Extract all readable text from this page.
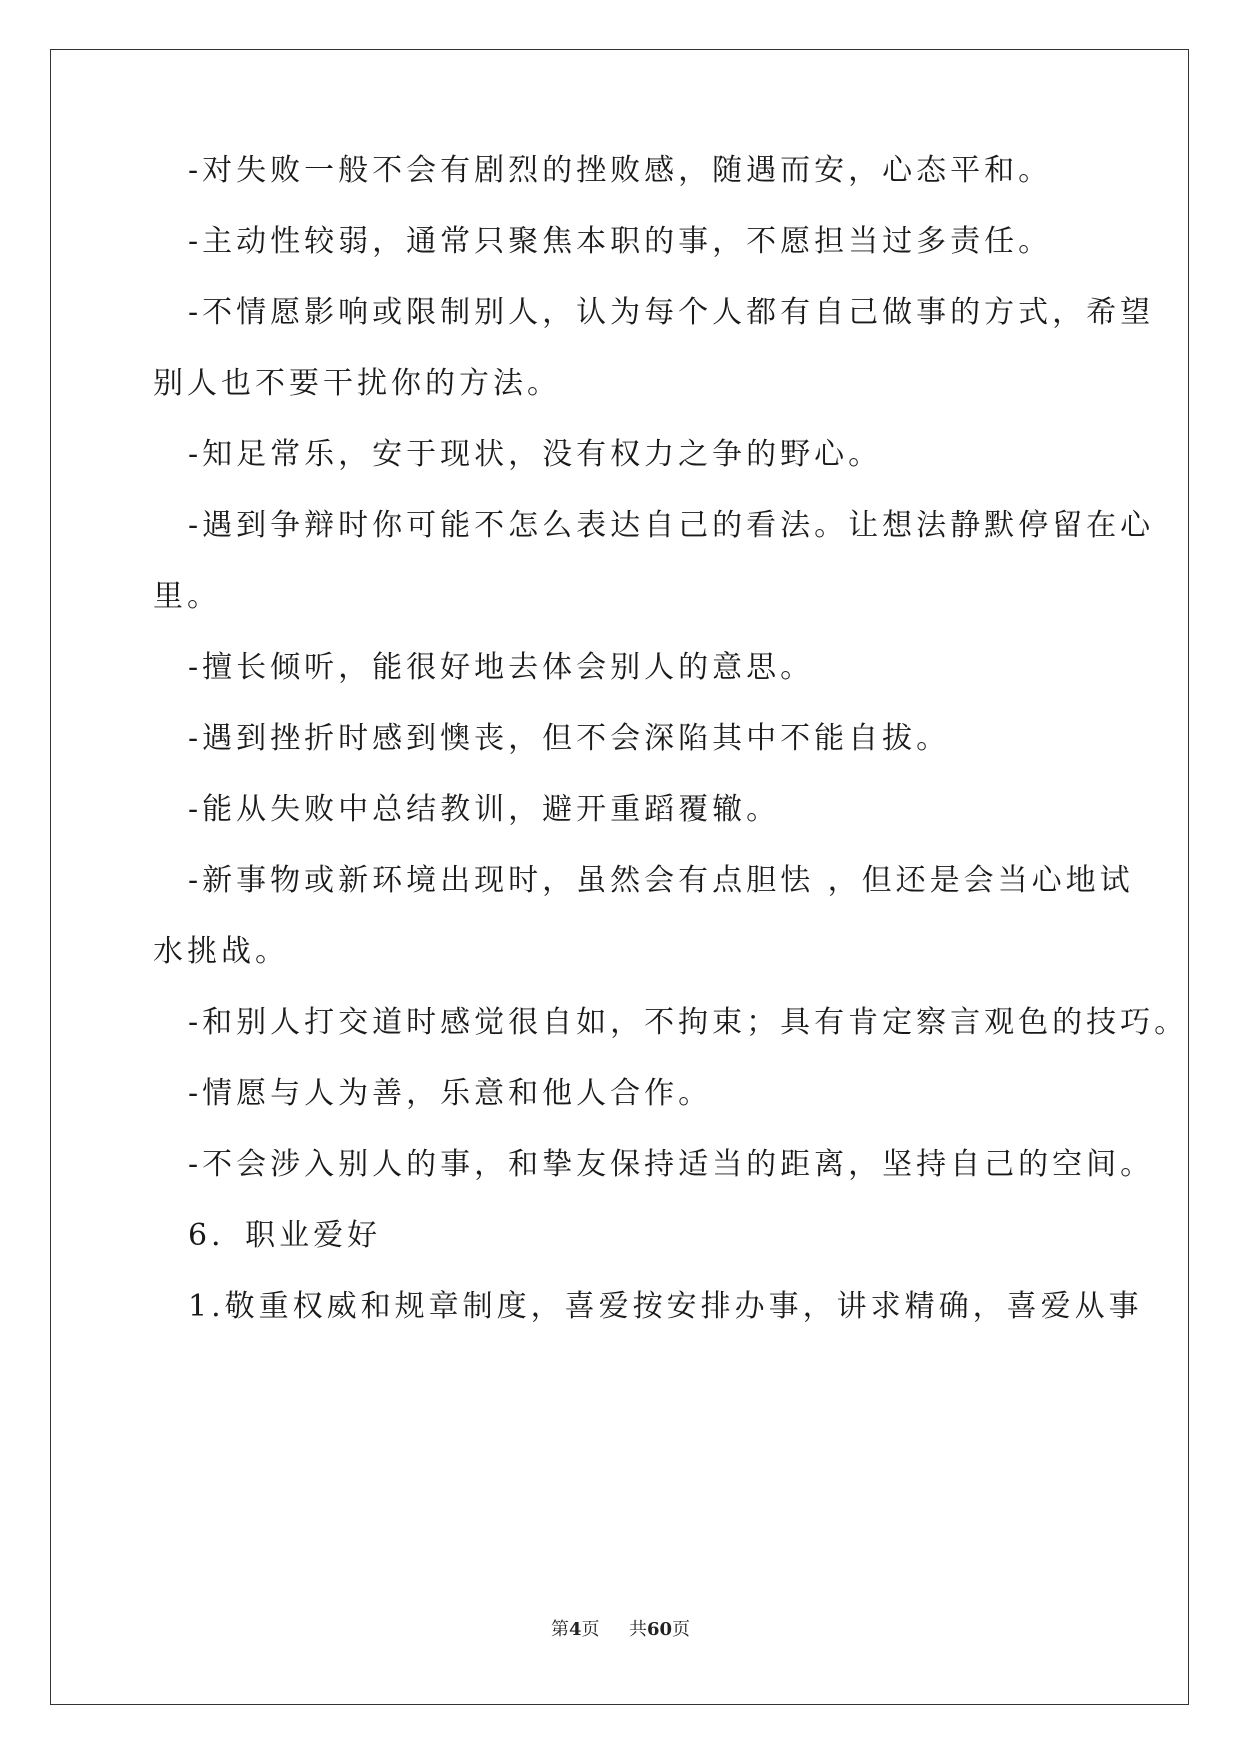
-对失败一般不会有剧烈的挫败感，随遇而安，心态平和。
-主动性较弱，通常只聚焦本职的事，不愿担当过多责任。
-不情愿影响或限制别人，认为每个人都有自己做事的方式，希望
别人也不要干扰你的方法。
-知足常乐，安于现状，没有权力之争的野心。
-遇到争辩时你可能不怎么表达自己的看法。让想法静默停留在心
里。
-擅长倾听，能很好地去体会别人的意思。
-遇到挫折时感到懊丧，但不会深陷其中不能自拔。
-能从失败中总结教训，避开重蹈覆辙。
-新事物或新环境出现时，虽然会有点胆怯 ，但还是会当心地试
水挑战。
-和别人打交道时感觉很自如，不拘束；具有肯定察言观色的技巧。
-情愿与人为善，乐意和他人合作。
-不会涉入别人的事，和挚友保持适当的距离，坚持自己的空间。
6．职业爱好
1.敬重权威和规章制度，喜爱按安排办事，讲求精确，喜爱从事
第4页 共60页
